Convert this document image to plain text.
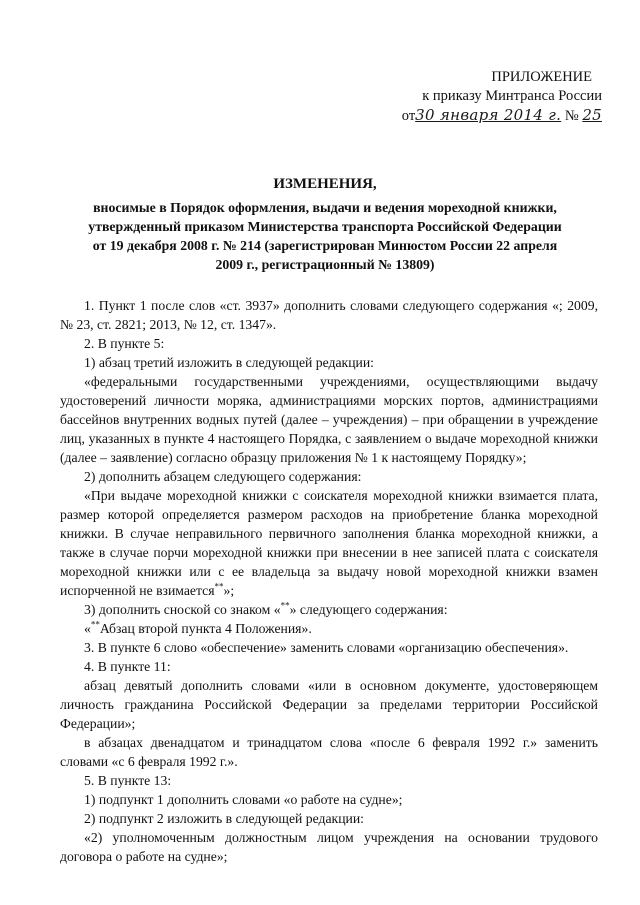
ПРИЛОЖЕНИЕ
к приказу Минтранса России
от30 января 2014 г. № 25
ИЗМЕНЕНИЯ,
вносимые в Порядок оформления, выдачи и ведения мореходной книжки,
утвержденный приказом Министерства транспорта Российской Федерации
от 19 декабря 2008 г. № 214 (зарегистрирован Минюстом России 22 апреля
2009 г., регистрационный № 13809)

1. Пункт 1 после слов «ст. 3937» дополнить словами следующего содержания «; 2009, № 23, ст. 2821; 2013, № 12, ст. 1347».

2. В пункте 5:

1) абзац третий изложить в следующей редакции:

«федеральными государственными учреждениями, осуществляющими выдачу удостоверений личности моряка, администрациями морских портов, администрациями бассейнов внутренних водных путей (далее – учреждения) – при обращении в учреждение лиц, указанных в пункте 4 настоящего Порядка, с заявлением о выдаче мореходной книжки (далее – заявление) согласно образцу приложения № 1 к настоящему Порядку»;

2) дополнить абзацем следующего содержания:

«При выдаче мореходной книжки с соискателя мореходной книжки взимается плата, размер которой определяется размером расходов на приобретение бланка мореходной книжки. В случае неправильного первичного заполнения бланка мореходной книжки, а также в случае порчи мореходной книжки при внесении в нее записей плата с соискателя мореходной книжки или с ее владельца за выдачу новой мореходной книжки взамен испорченной не взимается**»;

3) дополнить сноской со знаком «**» следующего содержания:

«**Абзац второй пункта 4 Положения».

3. В пункте 6 слово «обеспечение» заменить словами «организацию обеспечения».

4. В пункте 11:

абзац девятый дополнить словами «или в основном документе, удостоверяющем личность гражданина Российской Федерации за пределами территории Российской Федерации»;

в абзацах двенадцатом и тринадцатом слова «после 6 февраля 1992 г.» заменить словами «с 6 февраля 1992 г.».

5. В пункте 13:

1) подпункт 1 дополнить словами «о работе на судне»;

2) подпункт 2 изложить в следующей редакции:

«2) уполномоченным должностным лицом учреждения на основании трудового договора о работе на судне»;
